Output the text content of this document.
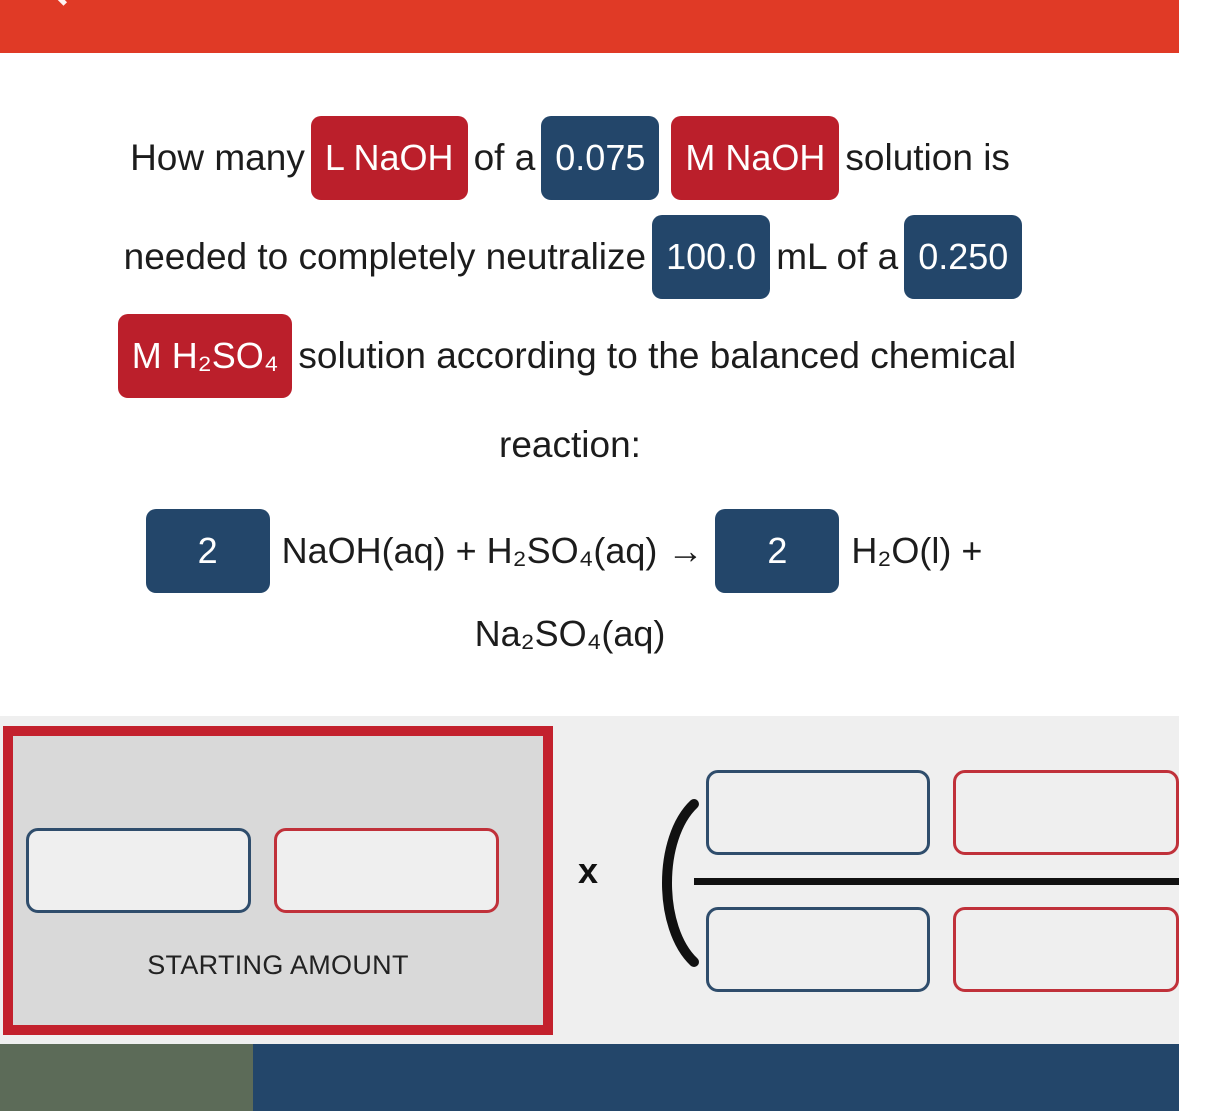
How many L NaOH of a 0.075	M NaOH solution is
needed to completely neutralize 100.0 mL of a 0.250
M H₂SO₄ solution according to the balanced chemical
reaction:
2	NaOH(aq) + H₂SO₄(aq) →	2	H₂O(l) +
Na₂SO₄(aq)
STARTING AMOUNT
x
